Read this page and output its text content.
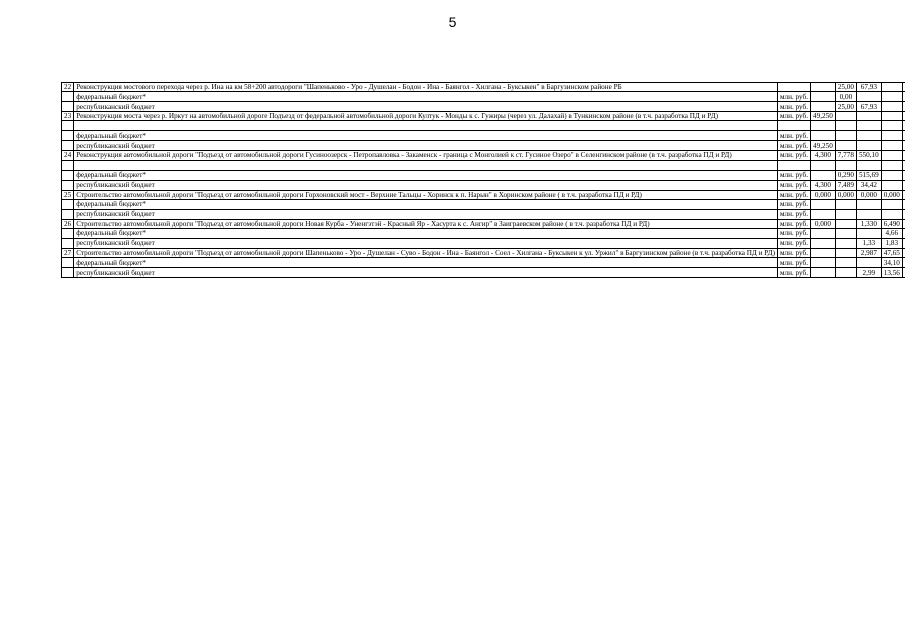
5
22	Реконструкция мостового перехода через р. Ина на км 58+200 автодороги "Шапеньково - Уро - Душелан - Бодон - Ина - Баянгол - Хилгана - Буксыкен" в Баргузинском районе РБ			25,00	67,93								
	федеральный бюджет*	млн. руб.		0,00									
	республиканский бюджет	млн. руб.		25,00	67,93								
23	Реконструкция моста через р. Иркут на автомобильной дороге Подъезд от федеральной автомобильной дороги Култук - Монды к с. Гужиры (через ул. Далахай) в Тункинском районе (в т.ч. разработка ПД и РД)	млн. руб.	49,250										

	федеральный бюджет*	млн. руб.											
	республиканский бюджет	млн. руб.	49,250										
24	Реконструкция автомобильной дороги "Подъезд от автомобильной дороги Гусиноозерск - Петропавловка - Закаменск - граница с Монголией к ст. Гусиное Озеро" в Селенгинском районе (в т.ч. разработка ПД и РД)	млн. руб.	4,300	7,778	550,10								

	федеральный бюджет*	млн. руб.		0,290	515,69								
	республиканский бюджет	млн. руб.	4,300	7,489	34,42								
25	Строительство автомобильной дороги "Подъезд от автомобильной дороги Горхоновский мост - Верхние Тальцы - Хоринск к п. Нарын" в Хоринском районе ( в т.ч. разработка ПД и РД)	млн. руб.	0,000	0,000	0,000	0,000							
	федеральный бюджет*	млн. руб.											
	республиканский бюджет	млн. руб.											
26	Строительство автомобильной дороги "Подъезд от автомобильной дороги Новая Курба - Уненгэтэй - Красный Яр - Хасурта к с. Ангир" в Заиграевском районе ( в т.ч. разработка ПД и РД)	млн. руб.	0,000		1,330	6,490							
	федеральный бюджет*	млн. руб.				4,66							
	республиканский бюджет	млн. руб.			1,33	1,83							
27	Строительство автомобильной дороги "Подъезд от автомобильной дороги Шапеньково - Уро - Душелан - Суво - Бодон - Ина - Баянгол - Соел - Хилгана - Буксыкен к ул. Уржил" в Баргузинском районе (в т.ч. разработка ПД и РД)	млн. руб.			2,987	47,65							
	федеральный бюджет*	млн. руб.				34,10							
	республиканский бюджет	млн. руб.			2,99	13,56							
